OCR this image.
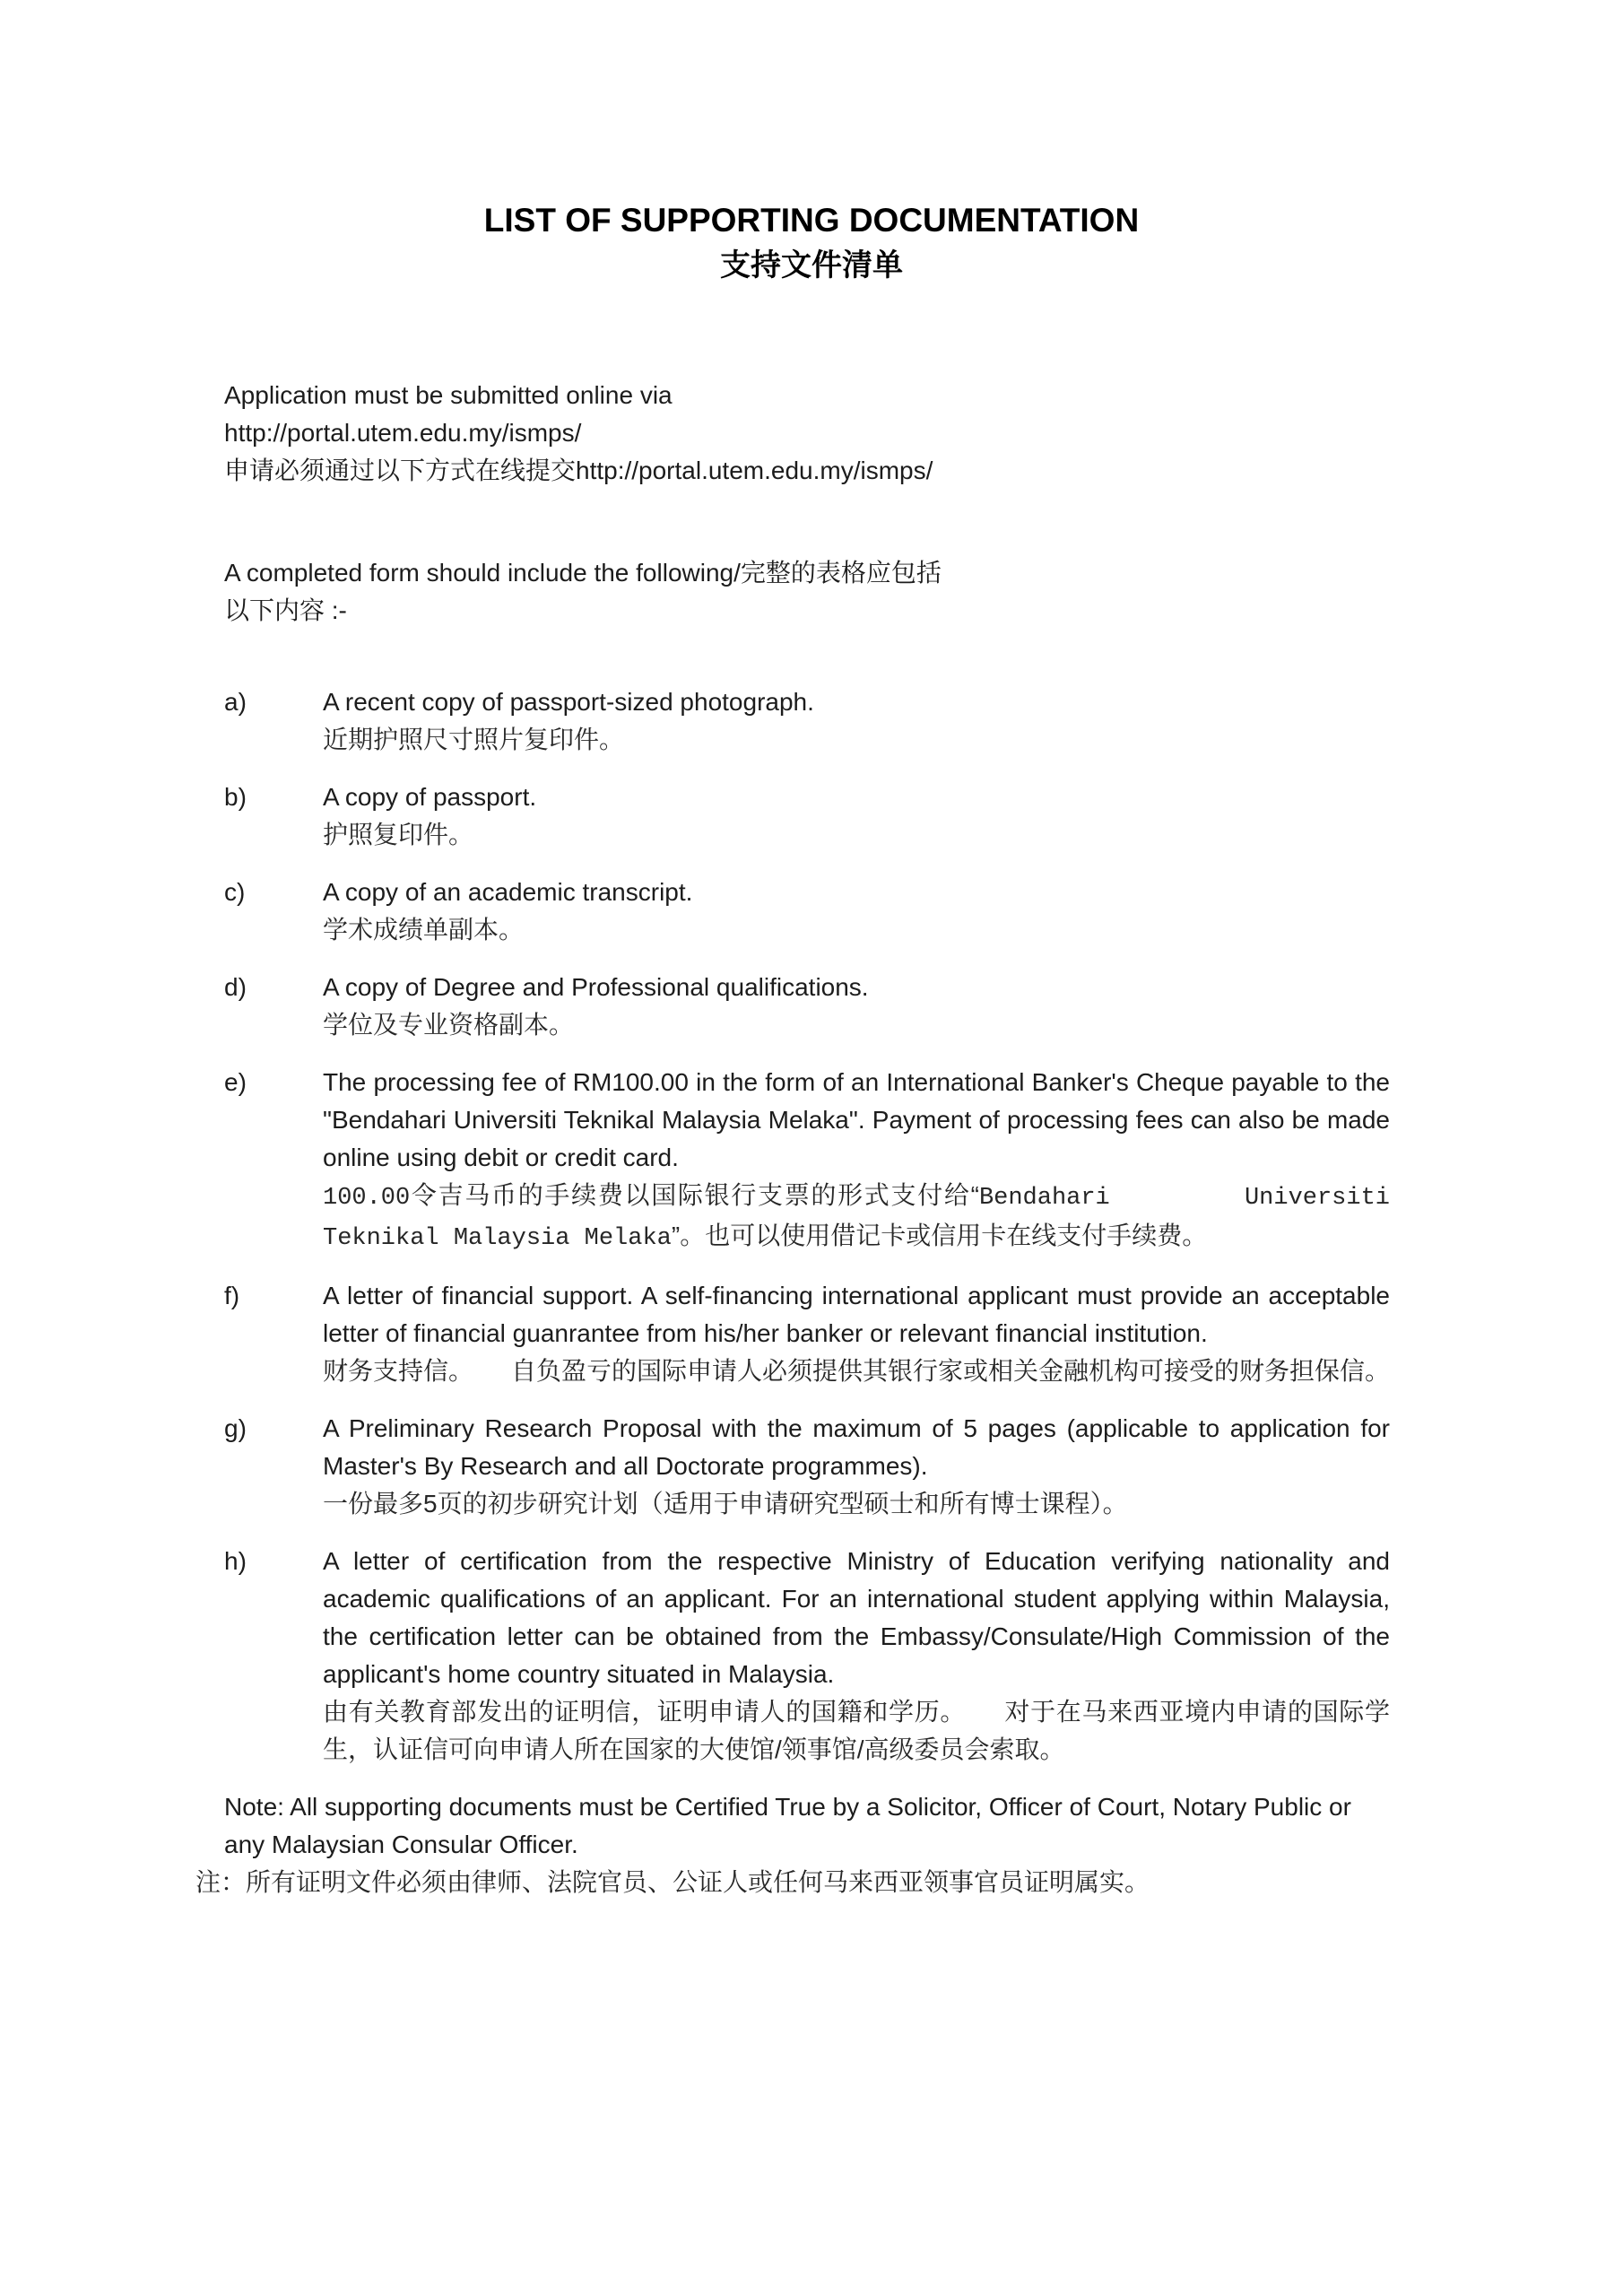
LIST OF SUPPORTING DOCUMENTATION
支持文件清单

Application must be submitted online via

http://portal.utem.edu.my/ismps/

申请必须通过以下方式在线提交http://portal.utem.edu.my/ismps/

A completed form should include the following/完整的表格应包括

以下内容 :-

a)	A recent copy of passport-sized photograph.

近期护照尺寸照片复印件。

b)	A copy of passport.

护照复印件。

c)	A copy of an academic transcript.

学术成绩单副本。

d)	A copy of Degree and Professional qualifications.

学位及专业资格副本。

e)	The processing fee of RM100.00 in the form of an International Banker's Cheque payable to the "Bendahari Universiti Teknikal Malaysia Melaka". Payment of processing fees can also be made online using debit or credit card.

100.00令吉马币的手续费以国际银行支票的形式支付给“Bendahari　　　　　	Universiti Teknikal Malaysia Melaka”。也可以使用借记卡或信用卡在线支付手续费。

f)	A letter of financial support. A self-financing international applicant must provide an acceptable letter of financial guanrantee from his/her banker or relevant financial institution.

财务支持信。　　自负盈亏的国际申请人必须提供其银行家或相关金融机构可接受的财务担保信。

g)	A Preliminary Research Proposal with the maximum of 5 pages (applicable to application for Master's By Research and all Doctorate programmes).

一份最多5页的初步研究计划（适用于申请研究型硕士和所有博士课程）。

h)	A letter of certification from the respective Ministry of Education verifying nationality and academic qualifications of an applicant. For an international student applying within Malaysia, the certification letter can be obtained from the Embassy/Consulate/High Commission of the applicant's home country situated in Malaysia.

由有关教育部发出的证明信，证明申请人的国籍和学历。　　对于在马来西亚境内申请的国际学生，认证信可向申请人所在国家的大使馆/领事馆/高级委员会索取。

Note: All supporting documents must be Certified True by a Solicitor, Officer of Court, Notary Public or any Malaysian Consular Officer.

注：所有证明文件必须由律师、法院官员、公证人或任何马来西亚领事官员证明属实。
